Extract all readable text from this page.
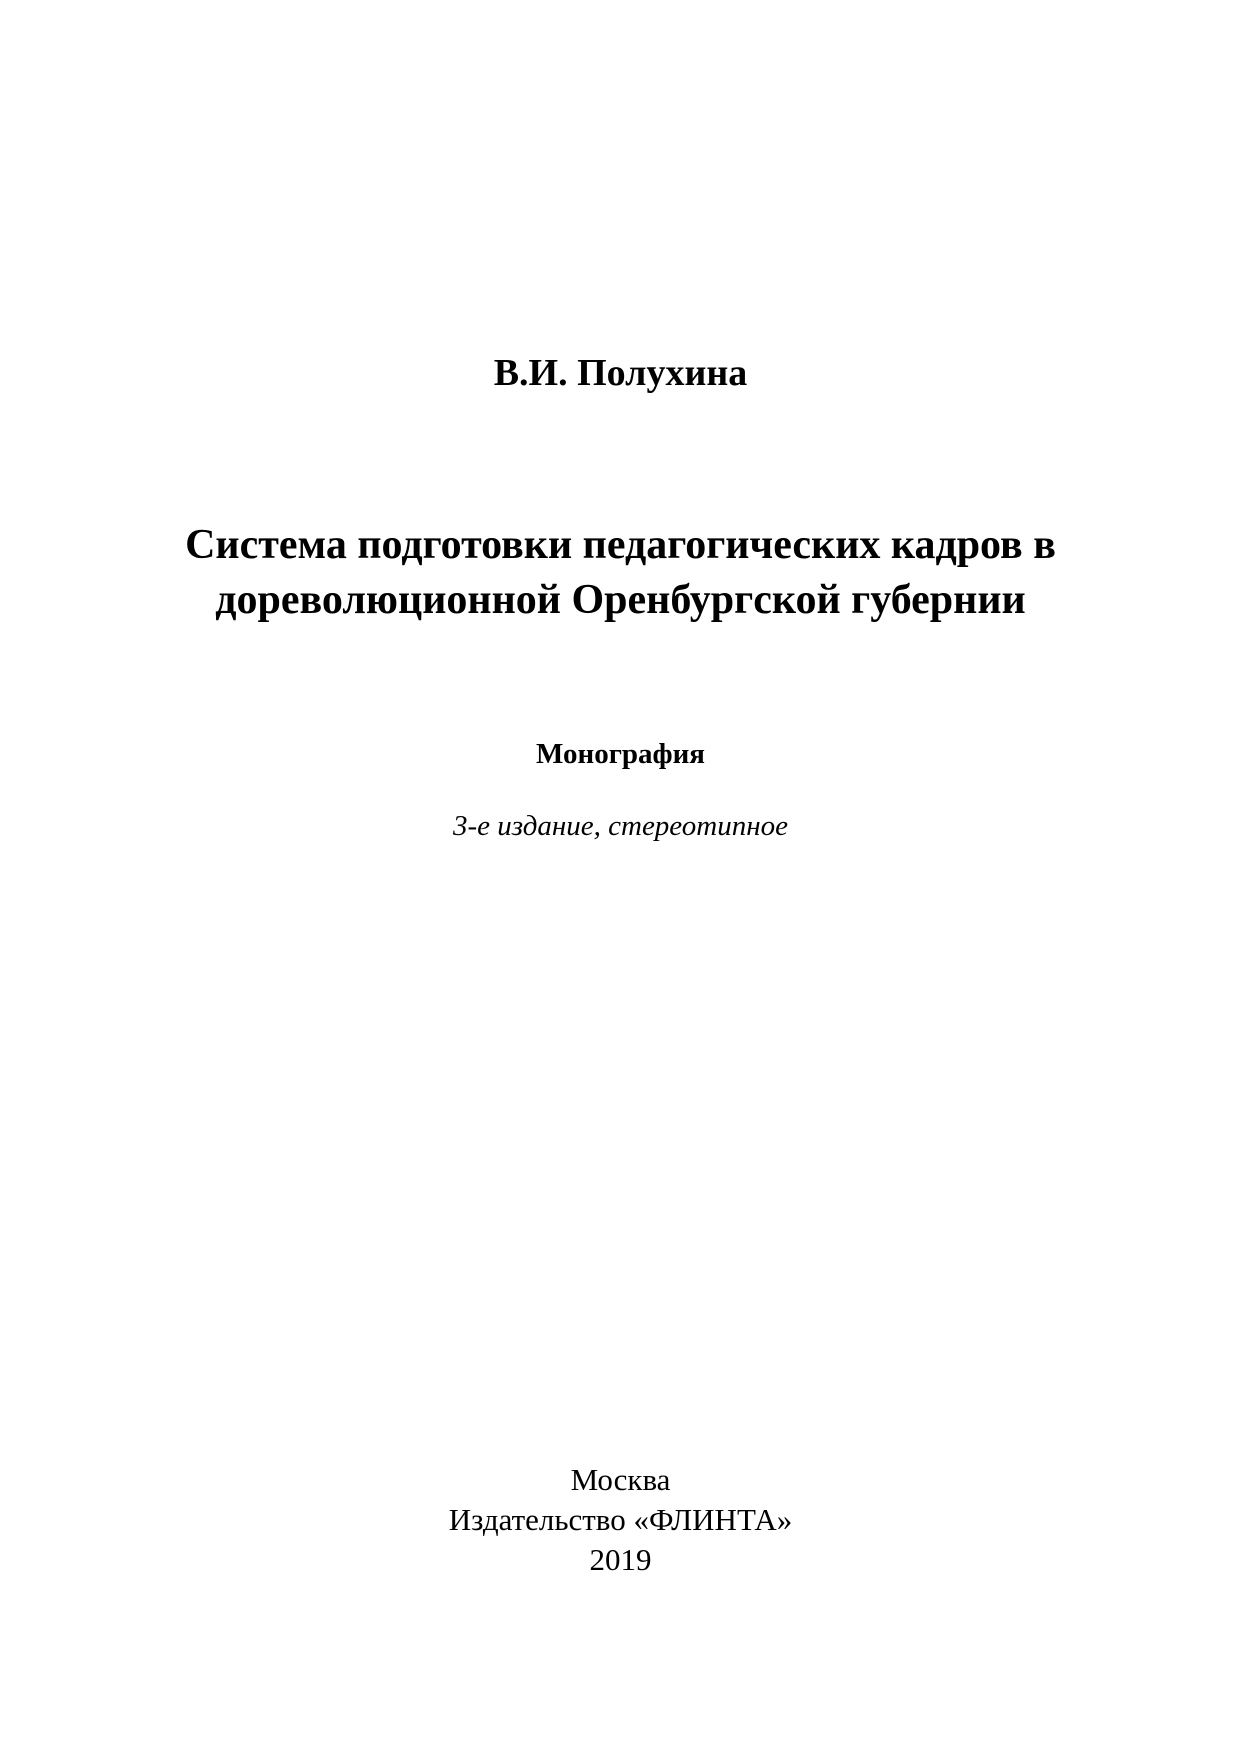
В.И. Полухина
Система подготовки педагогических кадров в
дореволюционной Оренбургской губернии
Монография
3-е издание, стереотипное
Москва
Издательство «ФЛИНТА»
2019
